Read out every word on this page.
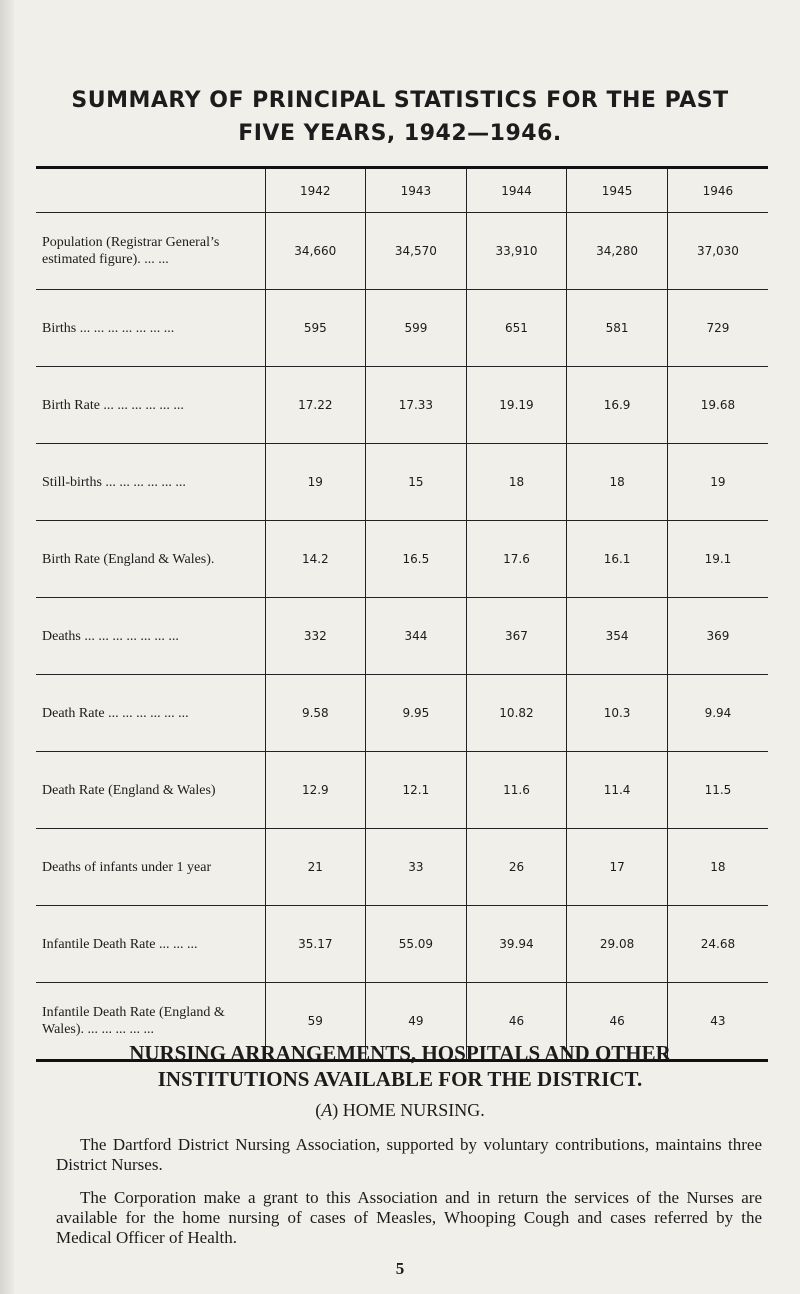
SUMMARY OF PRINCIPAL STATISTICS FOR THE PAST
FIVE YEARS, 1942—1946.
	1942	1943	1944	1945	1946
Population (Registrar General’s estimated figure). ... ...	34,660	34,570	33,910	34,280	37,030
Births ... ... ... ... ... ... ...	595	599	651	581	729
Birth Rate ... ... ... ... ... ...	17.22	17.33	19.19	16.9	19.68
Still-births ... ... ... ... ... ...	19	15	18	18	19
Birth Rate (England & Wales).	14.2	16.5	17.6	16.1	19.1
Deaths ... ... ... ... ... ... ...	332	344	367	354	369
Death Rate ... ... ... ... ... ...	9.58	9.95	10.82	10.3	9.94
Death Rate (England & Wales)	12.9	12.1	11.6	11.4	11.5
Deaths of infants under 1 year	21	33	26	17	18
Infantile Death Rate ... ... ...	35.17	55.09	39.94	29.08	24.68
Infantile Death Rate (England & Wales). ... ... ... ... ...	59	49	46	46	43
NURSING ARRANGEMENTS, HOSPITALS AND OTHER
INSTITUTIONS AVAILABLE FOR THE DISTRICT.
(A) HOME NURSING.
The Dartford District Nursing Association, supported by voluntary contributions, maintains three District Nurses.
The Corporation make a grant to this Association and in return the services of the Nurses are available for the home nursing of cases of Measles, Whooping Cough and cases referred by the Medical Officer of Health.
5
